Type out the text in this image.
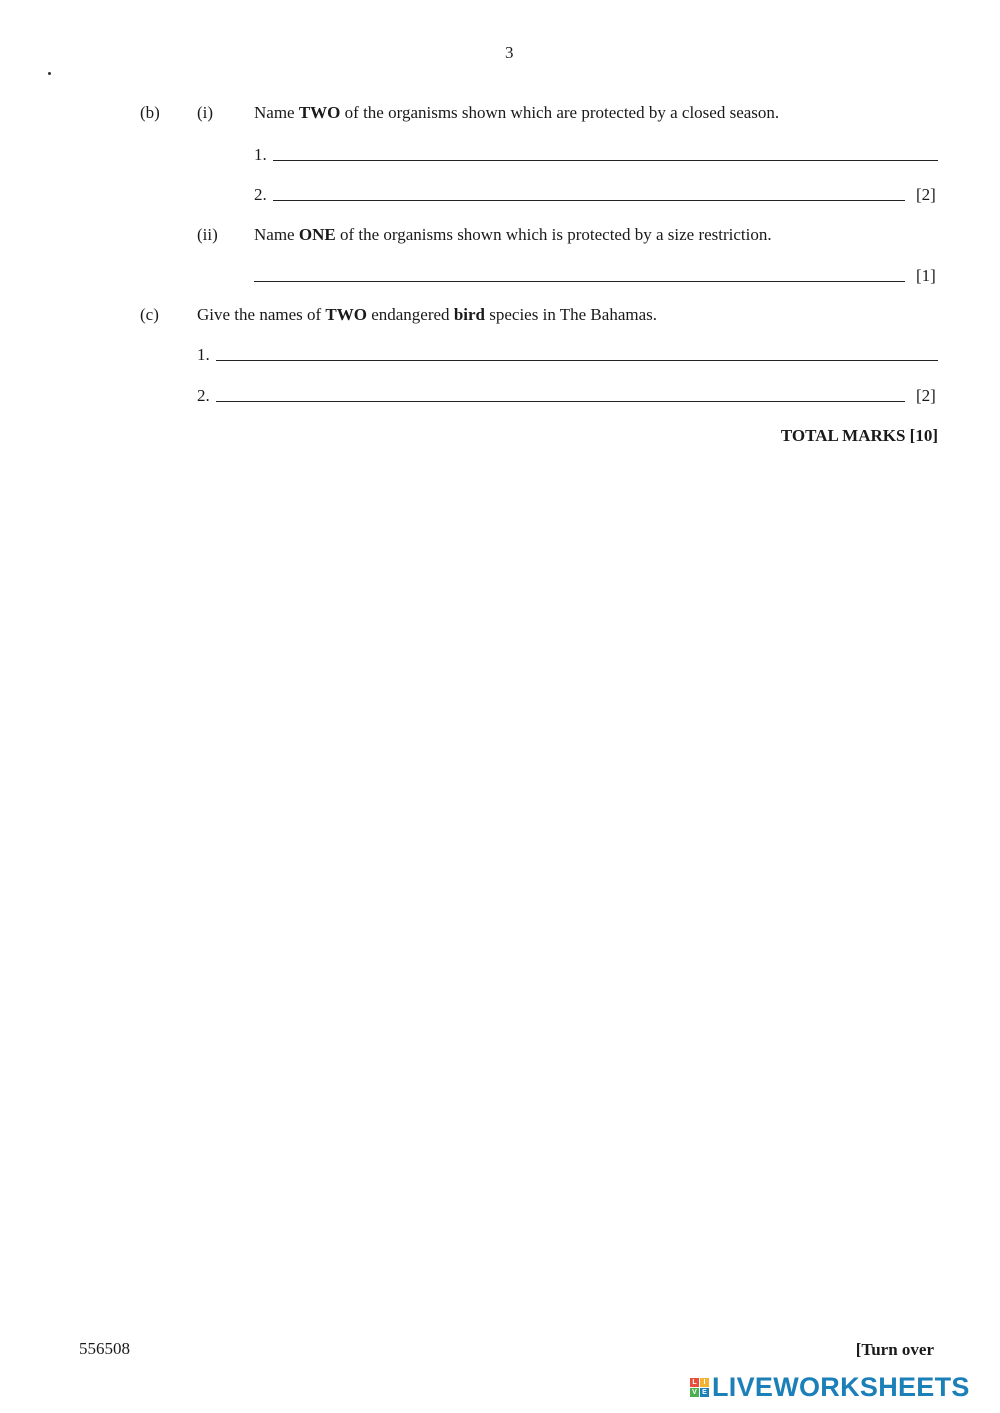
3
(b) (i) Name TWO of the organisms shown which are protected by a closed season.
1.
2.	[2]
(ii) Name ONE of the organisms shown which is protected by a size restriction.
[1]
(c) Give the names of TWO endangered bird species in The Bahamas.
1.
2.	[2]
TOTAL MARKS [10]
556508	[Turn over
L I
V E LIVEWORKSHEETS
